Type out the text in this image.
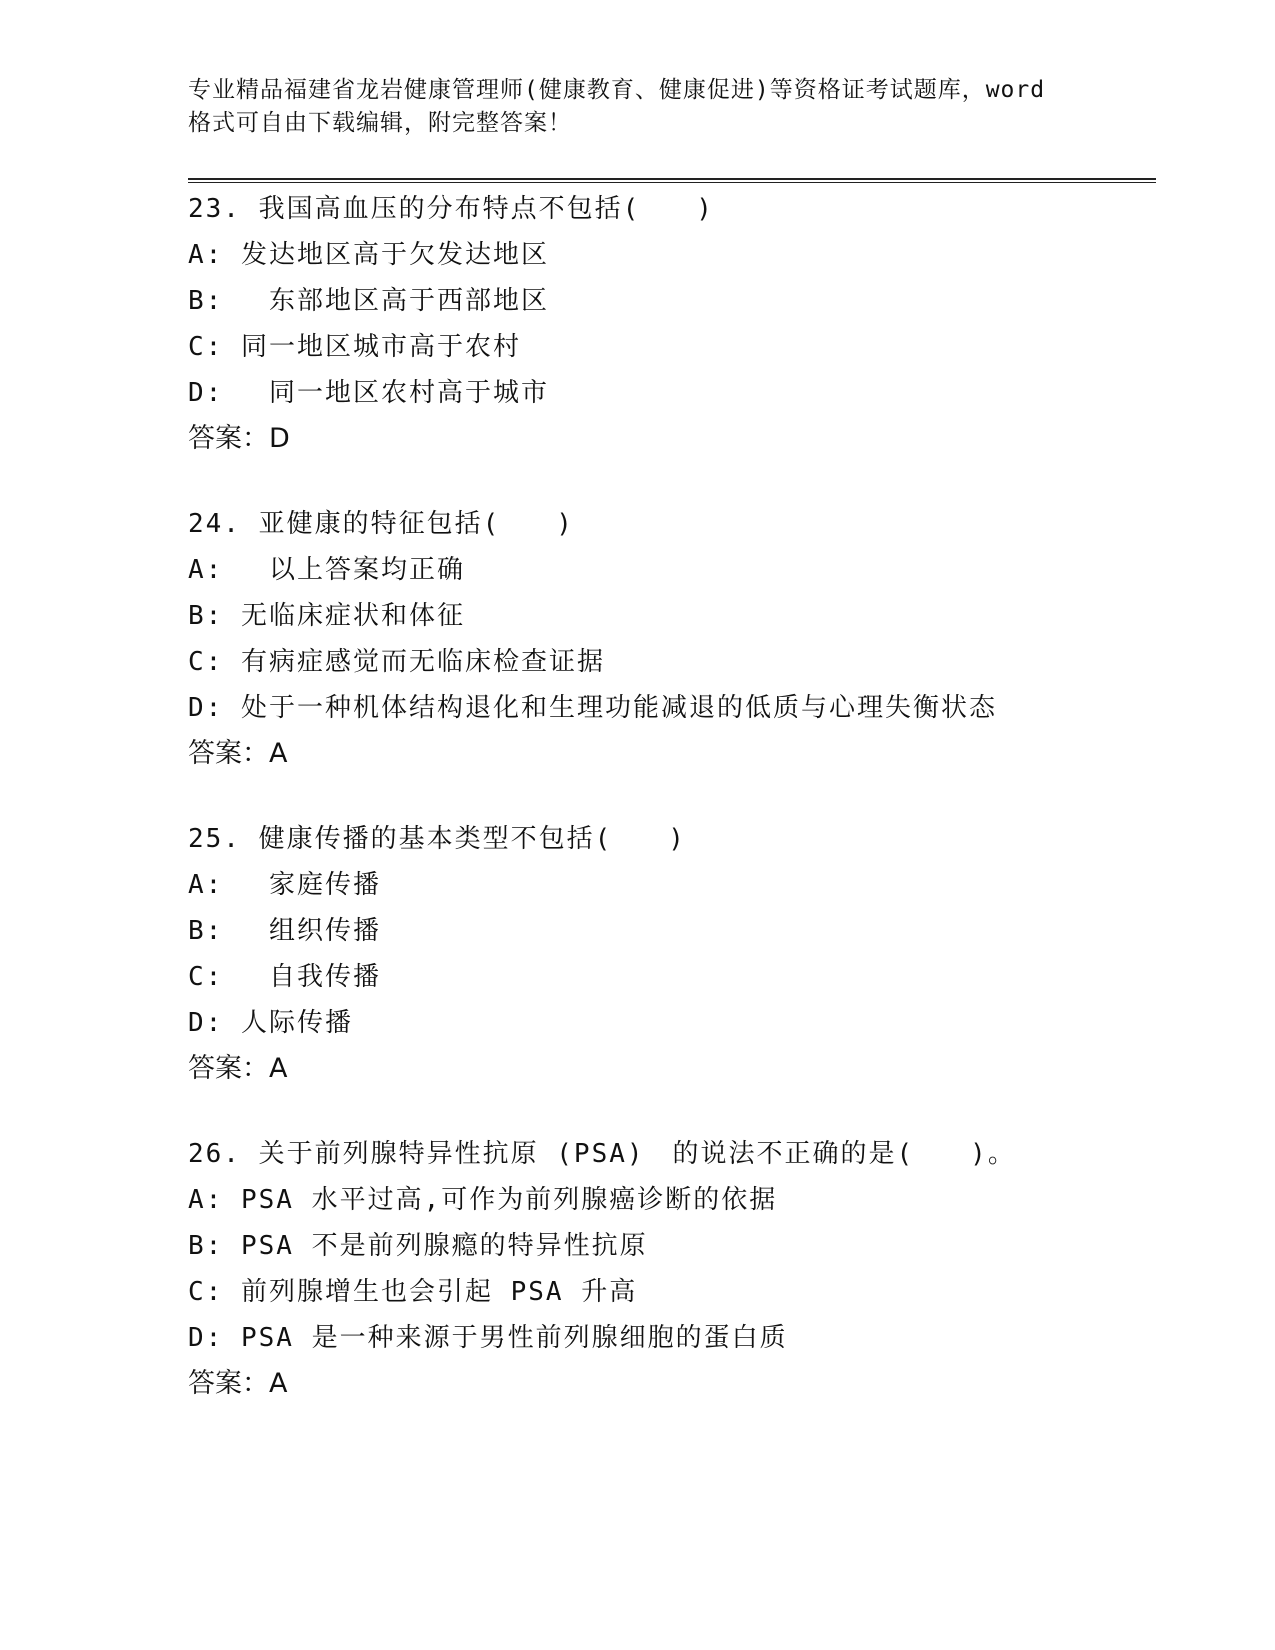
专业精品福建省龙岩健康管理师(健康教育、健康促进)等资格证考试题库，word
格式可自由下载编辑，附完整答案！
23. 我国高血压的分布特点不包括(　　)
A: 发达地区高于欠发达地区
B: 　东部地区高于西部地区
C: 同一地区城市高于农村
D: 　同一地区农村高于城市
答案：D
24. 亚健康的特征包括(　　)
A: 　以上答案均正确
B: 无临床症状和体征
C: 有病症感觉而无临床检查证据
D: 处于一种机体结构退化和生理功能减退的低质与心理失衡状态
答案：A
25. 健康传播的基本类型不包括(　　)
A: 　家庭传播
B: 　组织传播
C: 　自我传播
D: 人际传播
答案：A
26. 关于前列腺特异性抗原 (PSA)　的说法不正确的是(　　)。
A: PSA 水平过高,可作为前列腺癌诊断的依据
B: PSA 不是前列腺瘾的特异性抗原
C: 前列腺增生也会引起 PSA 升高
D: PSA 是一种来源于男性前列腺细胞的蛋白质
答案：A
